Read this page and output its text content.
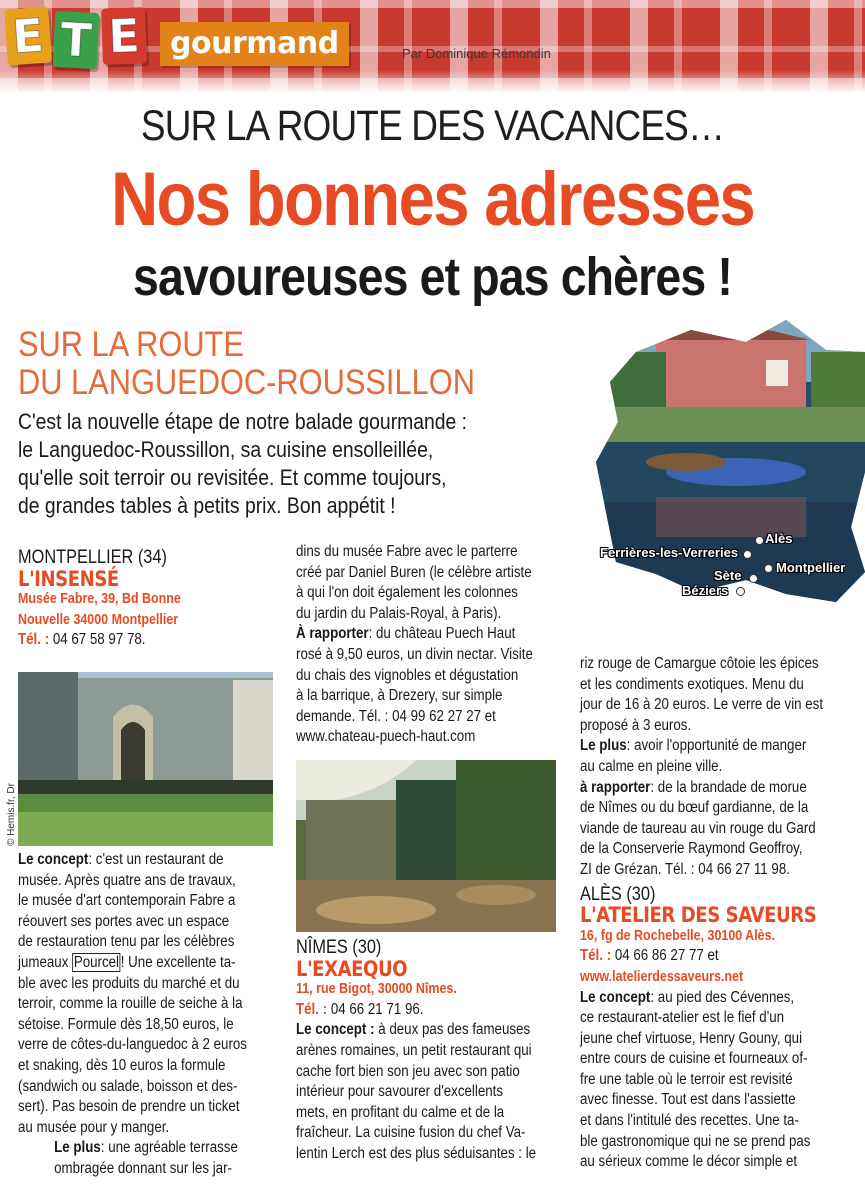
E T E gourmand	Par Dominique Rémondin
SUR LA ROUTE DES VACANCES…
Nos bonnes adresses
savoureuses et pas chères !
SUR LA ROUTE
DU LANGUEDOC-ROUSSILLON
C'est la nouvelle étape de notre balade gourmande :
le Languedoc-Roussillon, sa cuisine ensolleillée,
qu'elle soit terroir ou revisitée. Et comme toujours,
de grandes tables à petits prix. Bon appétit !
Alès
Ferrières-les-Verreries
Montpellier
Sète
Béziers
MONTPELLIER (34)
L'INSENSÉ
Musée Fabre, 39, Bd Bonne
Nouvelle 34000 Montpellier

Tél. : 04 67 58 97 78.

© Hemis.fr, Dr

Le concept: c'est un restaurant de

musée. Après quatre ans de travaux,

le musée d'art contemporain Fabre a

réouvert ses portes avec un espace

de restauration tenu par les célèbres

jumeaux Pourcel ! Une excellente ta-

ble avec les produits du marché et du

terroir, comme la rouille de seiche à la

sétoise. Formule dès 18,50 euros, le

verre de côtes-du-languedoc à 2 euros

et snaking, dès 10 euros la formule

(sandwich ou salade, boisson et des-

sert). Pas besoin de prendre un ticket

au musée pour y manger.

Le plus: une agréable terrasse

ombragée donnant sur les jar-

dins du musée Fabre avec le parterre

créé par Daniel Buren (le célèbre artiste

à qui l'on doit également les colonnes

du jardin du Palais-Royal, à Paris).

À rapporter: du château Puech Haut

rosé à 9,50 euros, un divin nectar. Visite

du chais des vignobles et dégustation

à la barrique, à Drezery, sur simple

demande. Tél. : 04 99 62 27 27 et

www.chateau-puech-haut.com

NÎMES (30)
L'EXAEQUO
11, rue Bigot, 30000 Nîmes.

Tél. : 04 66 21 71 96.

Le concept : à deux pas des fameuses

arènes romaines, un petit restaurant qui

cache fort bien son jeu avec son patio

intérieur pour savourer d'excellents

mets, en profitant du calme et de la

fraîcheur. La cuisine fusion du chef Va-

lentin Lerch est des plus séduisantes : le

riz rouge de Camargue côtoie les épices

et les condiments exotiques. Menu du

jour de 16 à 20 euros. Le verre de vin est

proposé à 3 euros.

Le plus: avoir l'opportunité de manger

au calme en pleine ville.

à rapporter: de la brandade de morue

de Nîmes ou du bœuf gardianne, de la

viande de taureau au vin rouge du Gard

de la Conserverie Raymond Geoffroy,

ZI de Grézan. Tél. : 04 66 27 11 98.

ALÈS (30)
L'ATELIER DES SAVEURS
16, fg de Rochebelle, 30100 Alès.

Tél. : 04 66 86 27 77 et

www.latelierdessaveurs.net

Le concept: au pied des Cévennes,

ce restaurant-atelier est le fief d'un

jeune chef virtuose, Henry Gouny, qui

entre cours de cuisine et fourneaux of-

fre une table où le terroir est revisité

avec finesse. Tout est dans l'assiette

et dans l'intitulé des recettes. Une ta-

ble gastronomique qui ne se prend pas

au sérieux comme le décor simple et
